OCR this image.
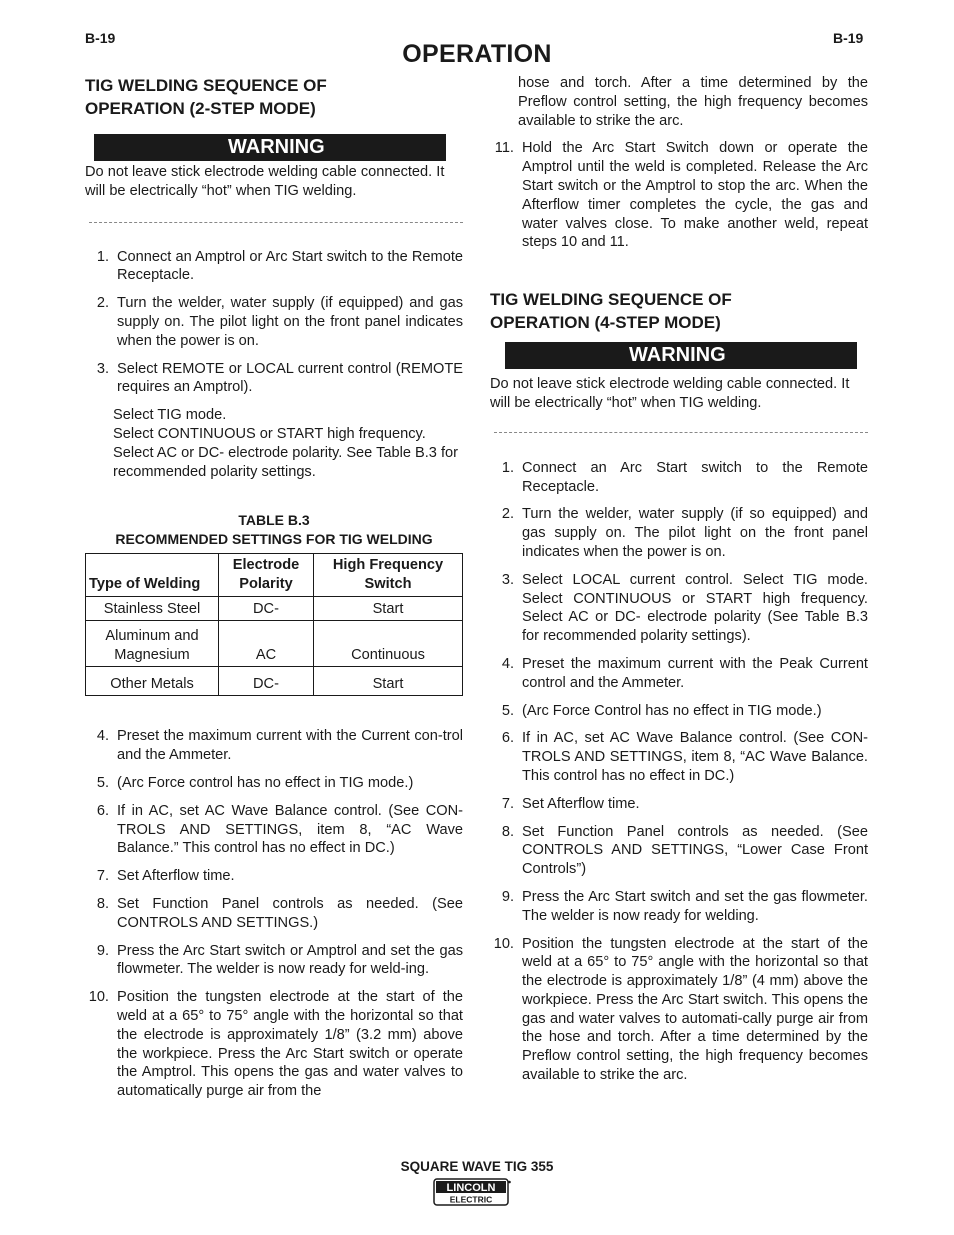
B-19	B-19
OPERATION

TIG WELDING SEQUENCE OF OPERATION (2-STEP MODE)

WARNING

Do not leave stick electrode welding cable connected. It will be electrically “hot” when TIG welding.

1. Connect an Amptrol or Arc Start switch to the Remote Receptacle.
2. Turn the welder, water supply (if equipped) and gas supply on. The pilot light on the front panel indicates when the power is on.
3. Select REMOTE or LOCAL current control (REMOTE requires an Amptrol).

Select TIG mode.

Select CONTINUOUS or START high frequency.

Select AC or DC- electrode polarity. See Table B.3 for recommended polarity settings.

TABLE B.3
RECOMMENDED SETTINGS FOR TIG WELDING
Type of Welding	Electrode Polarity	High Frequency Switch
Stainless Steel	DC-	Start
Aluminum and Magnesium	AC	Continuous
Other Metals	DC-	Start
4. Preset the maximum current with the Current con-trol and the Ammeter.
5. (Arc Force control has no effect in TIG mode.)
6. If in AC, set AC Wave Balance control. (See CON-TROLS AND SETTINGS, item 8, “AC Wave Balance.” This control has no effect in DC.)
7. Set Afterflow time.
8. Set Function Panel controls as needed. (See CONTROLS AND SETTINGS.)
9. Press the Arc Start switch or Amptrol and set the gas flowmeter. The welder is now ready for weld-ing.
10. Position the tungsten electrode at the start of the weld at a 65° to 75° angle with the horizontal so that the electrode is approximately 1/8” (3.2 mm) above the workpiece. Press the Arc Start switch or operate the Amptrol. This opens the gas and water valves to automatically purge air from the

hose and torch. After a time determined by the Preflow control setting, the high frequency becomes available to strike the arc.

11. Hold the Arc Start Switch down or operate the Amptrol until the weld is completed. Release the Arc Start switch or the Amptrol to stop the arc. When the Afterflow timer completes the cycle, the gas and water valves close. To make another weld, repeat steps 10 and 11.

TIG WELDING SEQUENCE OF OPERATION (4-STEP MODE)

WARNING

Do not leave stick electrode welding cable connected. It will be electrically “hot” when TIG welding.

1. Connect an Arc Start switch to the Remote Receptacle.
2. Turn the welder, water supply (if so equipped) and gas supply on. The pilot light on the front panel indicates when the power is on.
3. Select LOCAL current control. Select TIG mode. Select CONTINUOUS or START high frequency. Select AC or DC- electrode polarity (See Table B.3 for recommended polarity settings).
4. Preset the maximum current with the Peak Current control and the Ammeter.
5. (Arc Force Control has no effect in TIG mode.)
6. If in AC, set AC Wave Balance control. (See CON-TROLS AND SETTINGS, item 8, “AC Wave Balance. This control has no effect in DC.)
7. Set Afterflow time.
8. Set Function Panel controls as needed. (See CONTROLS AND SETTINGS, “Lower Case Front Controls”)
9. Press the Arc Start switch and set the gas flowmeter. The welder is now ready for welding.
10. Position the tungsten electrode at the start of the weld at a 65° to 75° angle with the horizontal so that the electrode is approximately 1/8” (4 mm) above the workpiece. Press the Arc Start switch. This opens the gas and water valves to automati-cally purge air from the hose and torch. After a time determined by the Preflow control setting, the high frequency becomes available to strike the arc.
SQUARE WAVE TIG 355
LINCOLN
ELECTRIC
